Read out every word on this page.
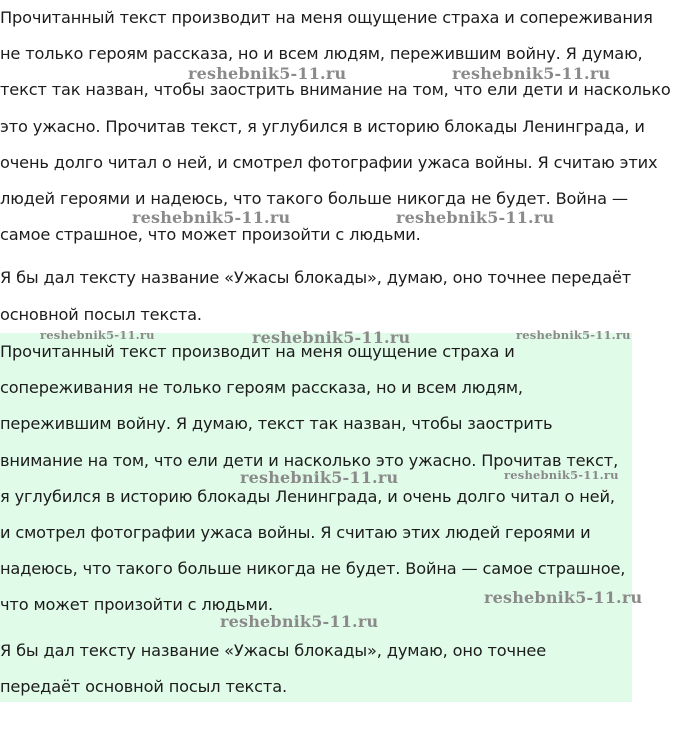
Прочитанный текст производит на меня ощущение страха и сопереживания не только героям рассказа, но и всем людям, пережившим войну. Я думаю, текст так назван, чтобы заострить внимание на том, что ели дети и насколько это ужасно. Прочитав текст, я углубился в историю блокады Ленинграда, и очень долго читал о ней, и смотрел фотографии ужаса войны. Я считаю этих людей героями и надеюсь, что такого больше никогда не будет. Война — самое страшное, что может произойти с людьми.

Я бы дал тексту название «Ужасы блокады», думаю, оно точнее передаёт основной посыл текста.

Прочитанный текст производит на меня ощущение страха и сопереживания не только героям рассказа, но и всем людям, пережившим войну. Я думаю, текст так назван, чтобы заострить внимание на том, что ели дети и насколько это ужасно. Прочитав текст, я углубился в историю блокады Ленинграда, и очень долго читал о ней, и смотрел фотографии ужаса войны. Я считаю этих людей героями и надеюсь, что такого больше никогда не будет. Война — самое страшное, что может произойти с людьми.

Я бы дал тексту название «Ужасы блокады», думаю, оно точнее передаёт основной посыл текста.

reshebnik5-11.ru	reshebnik5-11.ru
reshebnik5-11.ru	reshebnik5-11.ru
reshebnik5-11.ru	reshebnik5-11.ru	reshebnik5-11.ru
reshebnik5-11.ru	reshebnik5-11.ru
reshebnik5-11.ru
reshebnik5-11.ru
